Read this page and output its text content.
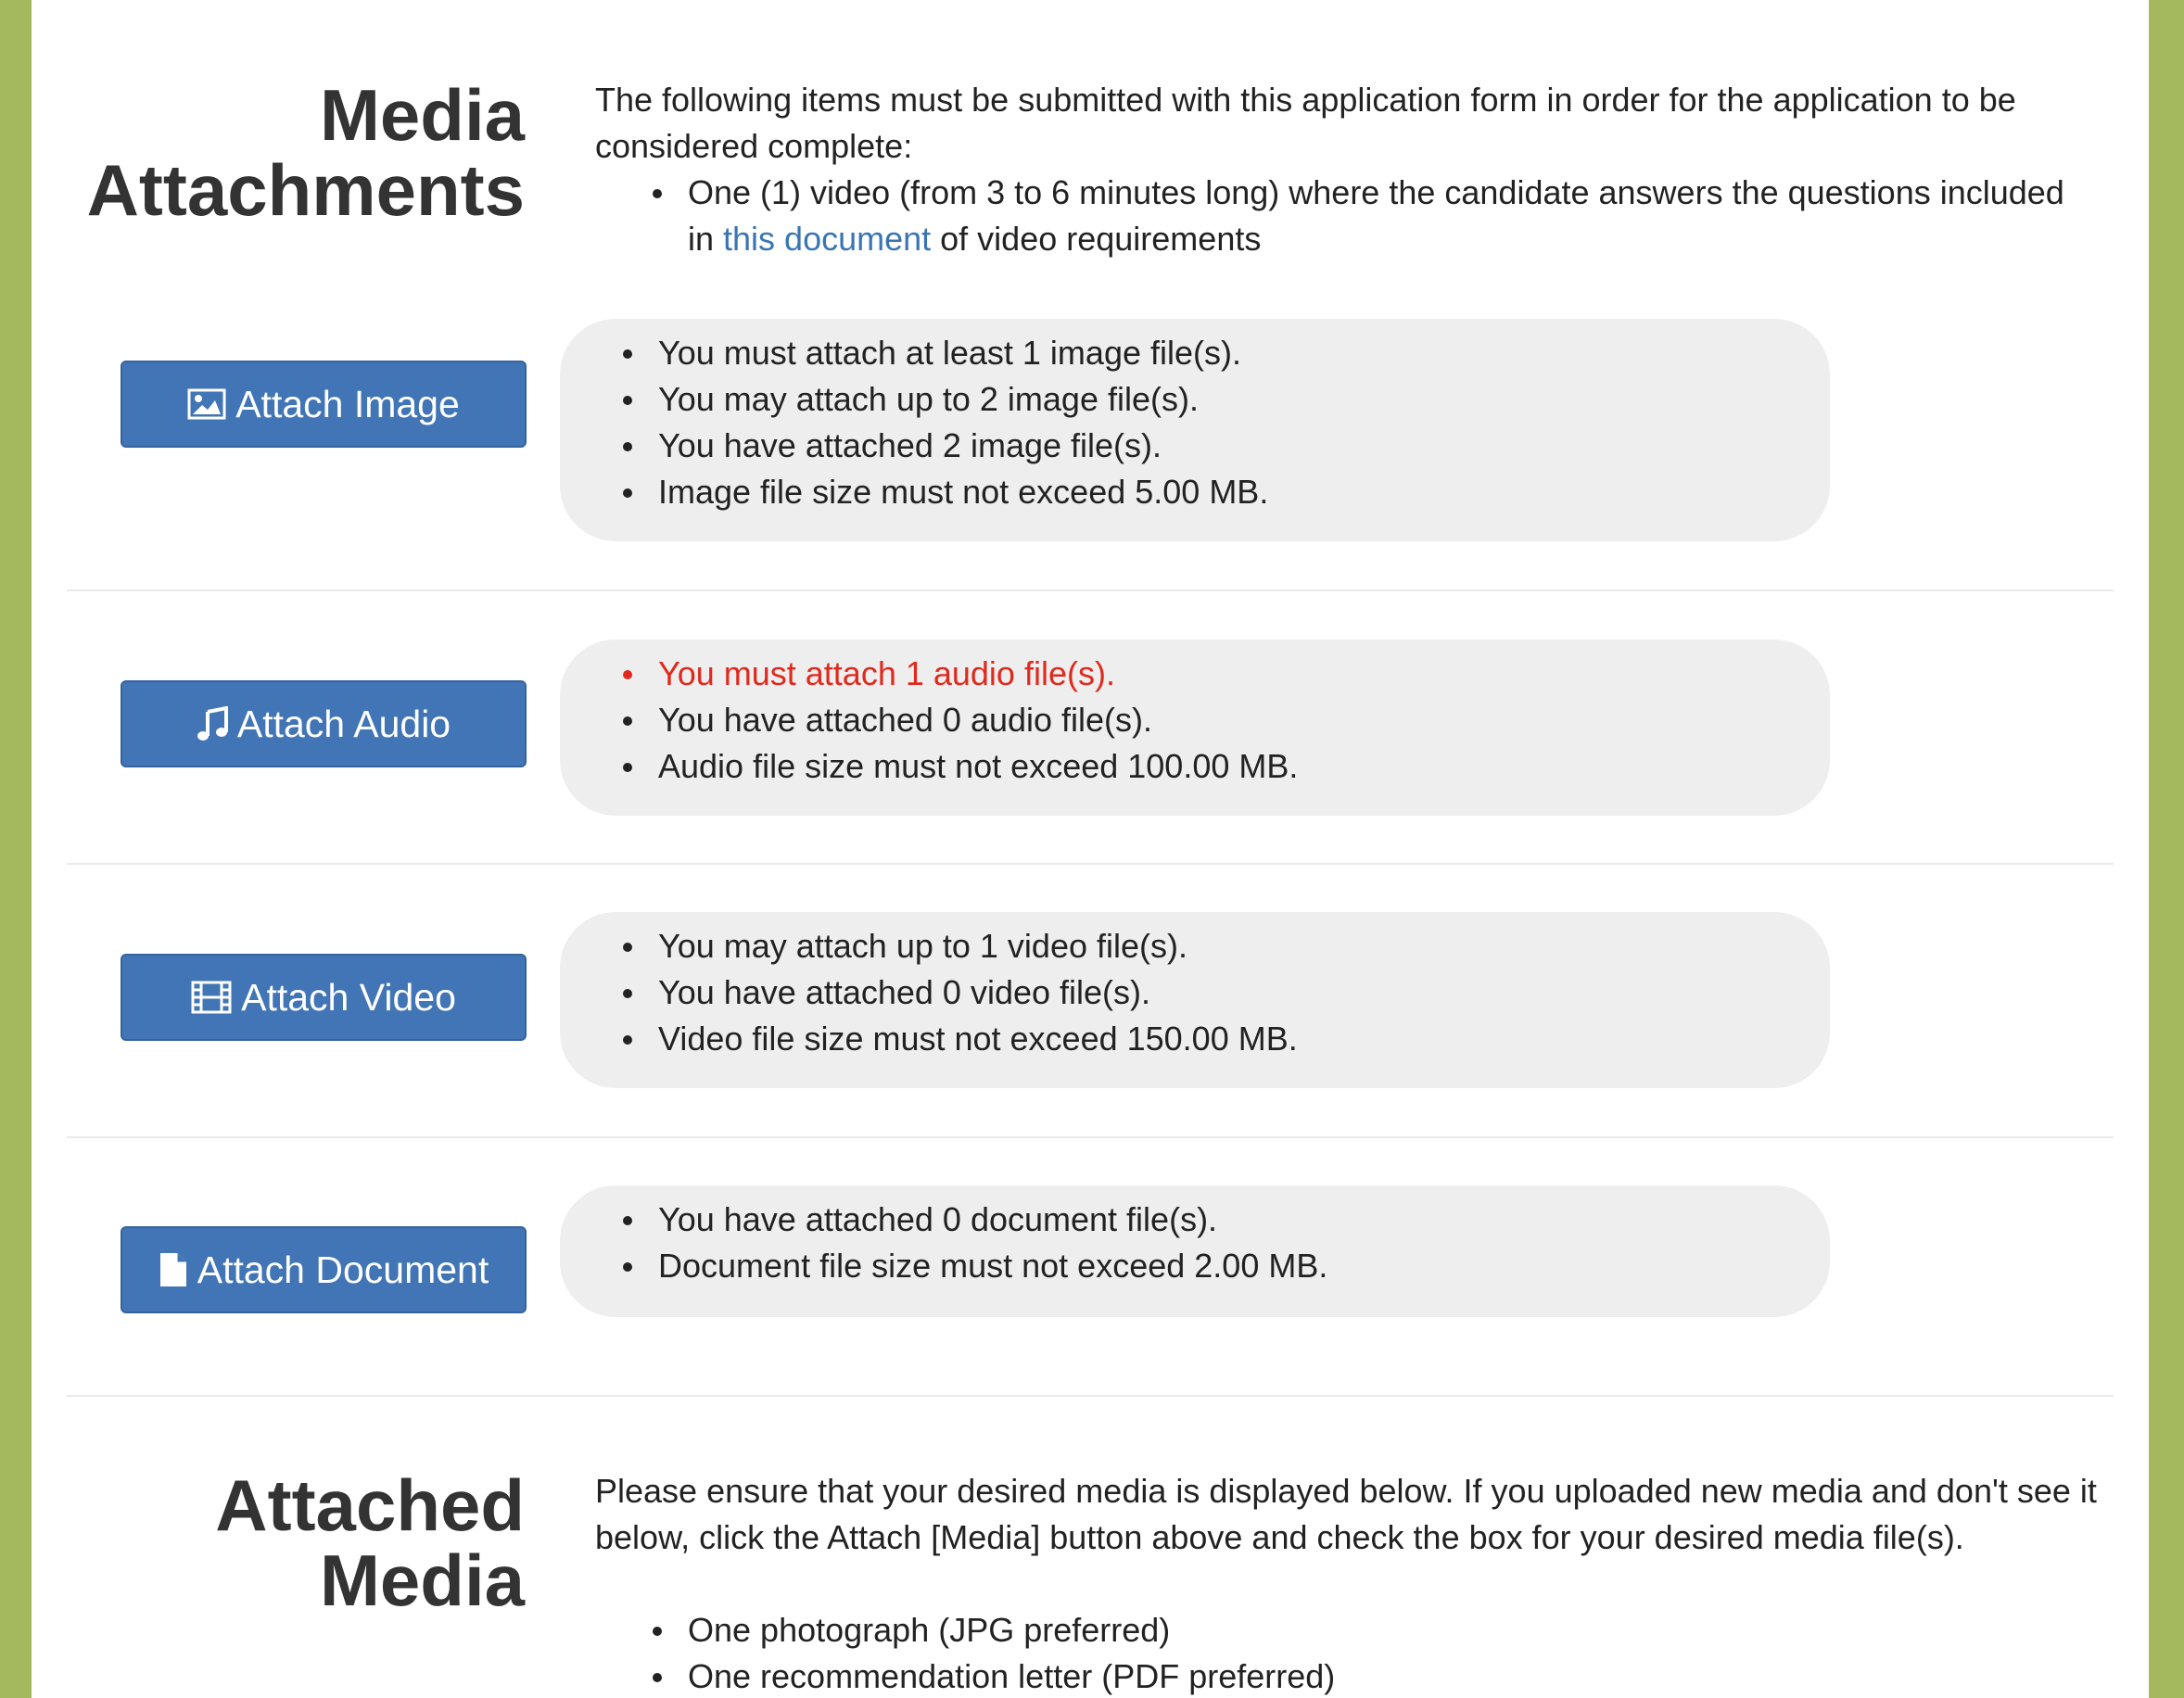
Media
Attachments

The following items must be submitted with this application form in order for the application to be considered complete:

One (1) video (from 3 to 6 minutes long) where the candidate answers the questions included in this document of video requirements
Attach Image
You must attach at least 1 image file(s).
You may attach up to 2 image file(s).
You have attached 2 image file(s).
Image file size must not exceed 5.00 MB.
Attach Audio
You must attach 1 audio file(s).
You have attached 0 audio file(s).
Audio file size must not exceed 100.00 MB.
Attach Video
You may attach up to 1 video file(s).
You have attached 0 video file(s).
Video file size must not exceed 150.00 MB.
Attach Document
You have attached 0 document file(s).
Document file size must not exceed 2.00 MB.
Attached
Media

Please ensure that your desired media is displayed below. If you uploaded new media and don't see it below, click the Attach [Media] button above and check the box for your desired media file(s).

One photograph (JPG preferred)
One recommendation letter (PDF preferred)
